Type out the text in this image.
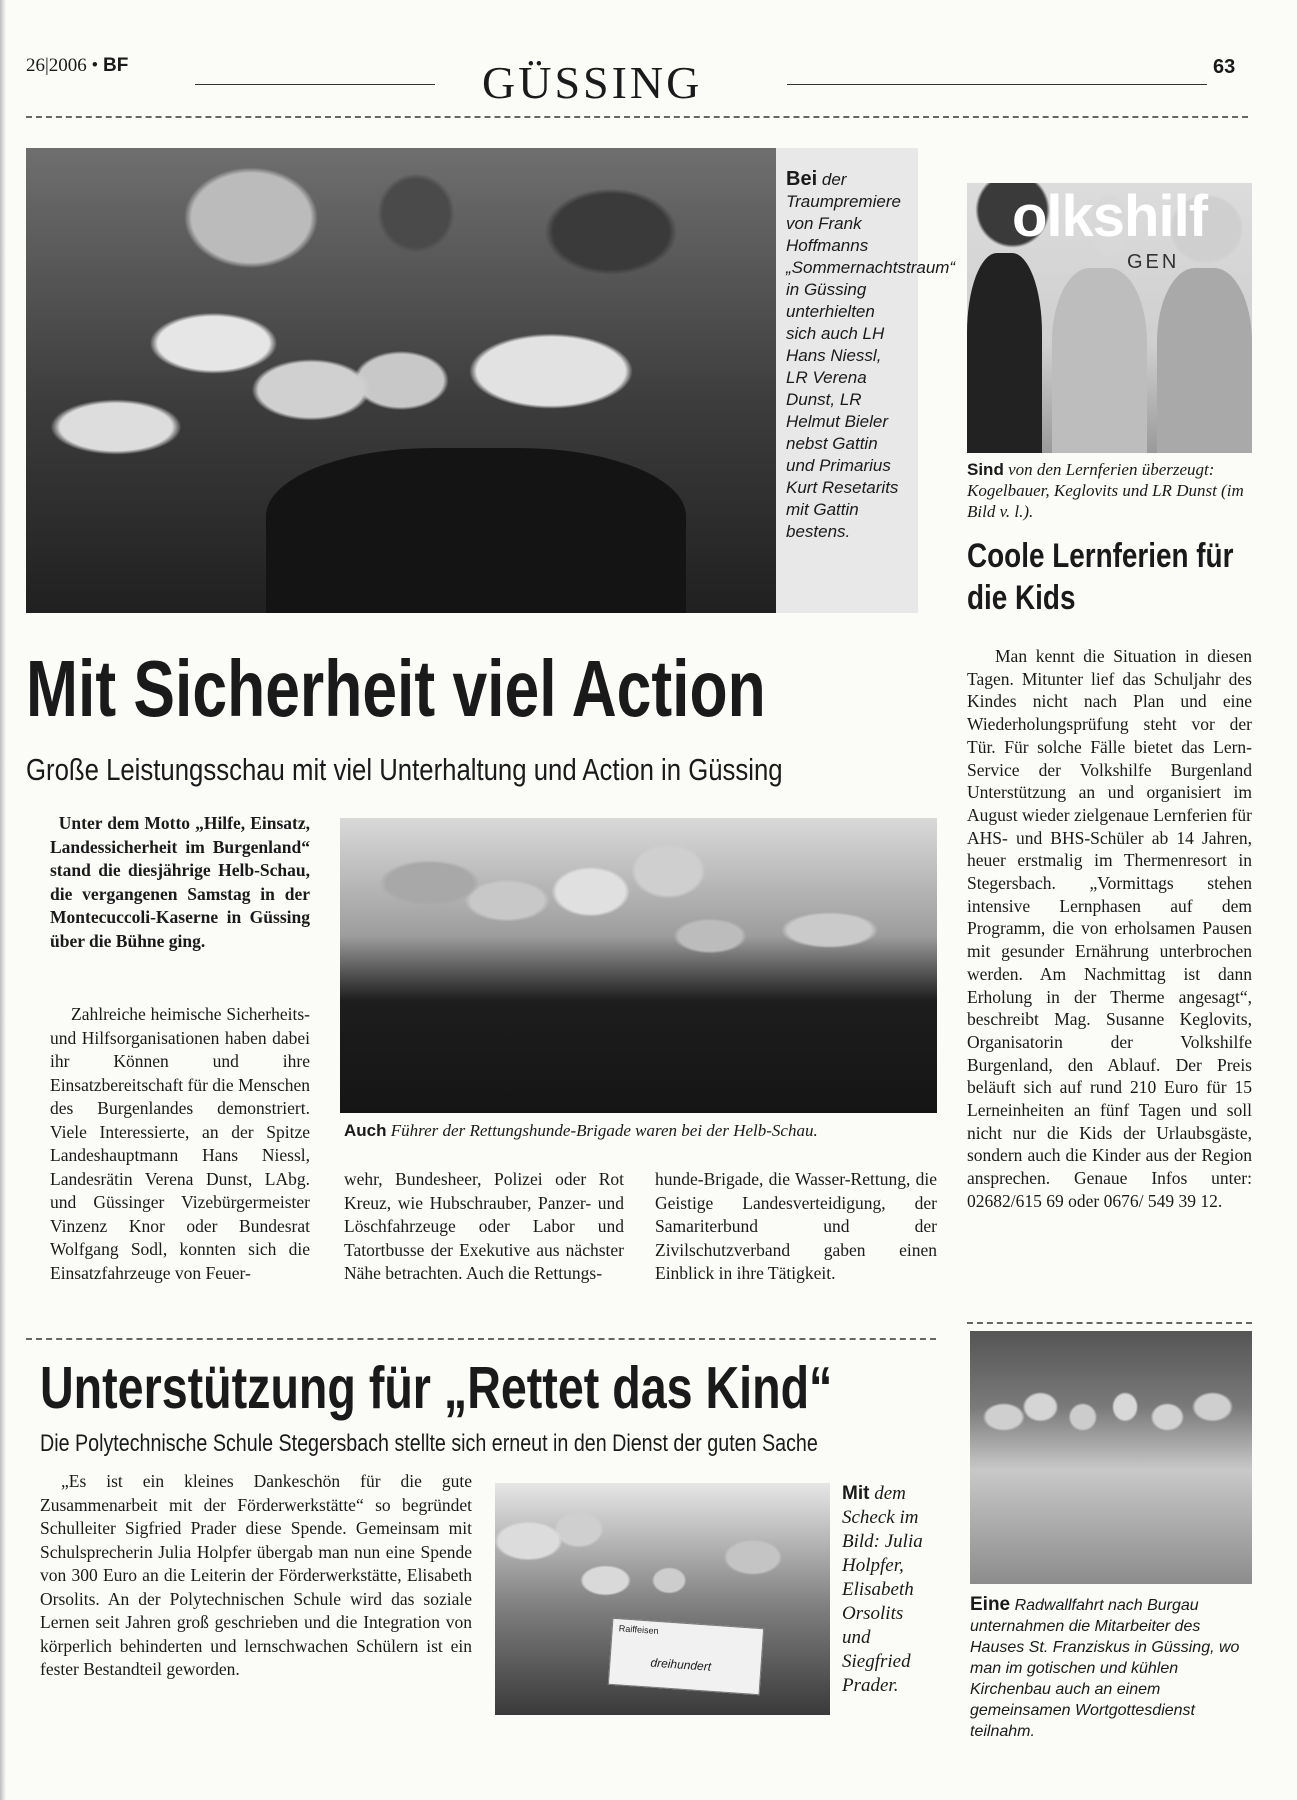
26|2006 • BF	GÜSSING	63
Bei der Traumpremiere von Frank Hoffmanns „Sommernachtstraum“ in Güssing unterhielten sich auch LH Hans Niessl, LR Verena Dunst, LR Helmut Bieler nebst Gattin und Primarius Kurt Resetarits mit Gattin bestens.
olkshilf
GEN
Sind von den Lernferien überzeugt: Kogelbauer, Keglovits und LR Dunst (im Bild v. l.).
Coole Lernferien für die Kids

Man kennt die Situation in diesen Tagen. Mitunter lief das Schuljahr des Kindes nicht nach Plan und eine Wiederholungsprüfung steht vor der Tür. Für solche Fälle bietet das Lern-Service der Volkshilfe Burgenland Unterstützung an und organisiert im August wieder zielgenaue Lernferien für AHS- und BHS-Schüler ab 14 Jahren, heuer erstmalig im Thermenresort in Stegersbach. „Vormittags stehen intensive Lernphasen auf dem Programm, die von erholsamen Pausen mit gesunder Ernährung unterbrochen werden. Am Nachmittag ist dann Erholung in der Therme angesagt“, beschreibt Mag. Susanne Keglovits, Organisatorin der Volkshilfe Burgenland, den Ablauf. Der Preis beläuft sich auf rund 210 Euro für 15 Lerneinheiten an fünf Tagen und soll nicht nur die Kids der Urlaubsgäste, sondern auch die Kinder aus der Region ansprechen. Genaue Infos unter: 02682/615 69 oder 0676/ 549 39 12.

Mit Sicherheit viel Action
Große Leistungsschau mit viel Unterhaltung und Action in Güssing

Unter dem Motto „Hilfe, Einsatz, Landessicherheit im Burgenland“ stand die diesjährige Helb-Schau, die vergangenen Samstag in der Montecuccoli-Kaserne in Güssing über die Bühne ging.

Auch Führer der Rettungshunde-Brigade waren bei der Helb-Schau.

Zahlreiche heimische Sicherheits- und Hilfsorganisationen haben dabei ihr Können und ihre Einsatzbereitschaft für die Menschen des Burgenlandes demonstriert. Viele Interessierte, an der Spitze Landeshauptmann Hans Niessl, Landesrätin Verena Dunst, LAbg. und Güssinger Vizebürgermeister Vinzenz Knor oder Bundesrat Wolfgang Sodl, konnten sich die Einsatzfahrzeuge von Feuer-

wehr, Bundesheer, Polizei oder Rot Kreuz, wie Hubschrauber, Panzer- und Löschfahrzeuge oder Labor und Tatortbusse der Exekutive aus nächster Nähe betrachten. Auch die Rettungs-

hunde-Brigade, die Wasser-Rettung, die Geistige Landesverteidigung, der Samariterbund und der Zivilschutzverband gaben einen Einblick in ihre Tätigkeit.

Unterstützung für „Rettet das Kind“
Die Polytechnische Schule Stegersbach stellte sich erneut in den Dienst der guten Sache

„Es ist ein kleines Dankeschön für die gute Zusammenarbeit mit der Förderwerkstätte“ so begründet Schulleiter Sigfried Prader diese Spende. Gemeinsam mit Schulsprecherin Julia Holpfer übergab man nun eine Spende von 300 Euro an die Leiterin der Förderwerkstätte, Elisabeth Orsolits. An der Polytechnischen Schule wird das soziale Lernen seit Jahren groß geschrieben und die Integration von körperlich behinderten und lernschwachen Schülern ist ein fester Bestandteil geworden.

Raiffeisen
dreihundert
Mit dem Scheck im Bild: Julia Holpfer, Elisabeth Orsolits und Siegfried Prader.
Eine Radwallfahrt nach Burgau unternahmen die Mitarbeiter des Hauses St. Franziskus in Güssing, wo man im gotischen und kühlen Kirchenbau auch an einem gemeinsamen Wortgottesdienst teilnahm.
